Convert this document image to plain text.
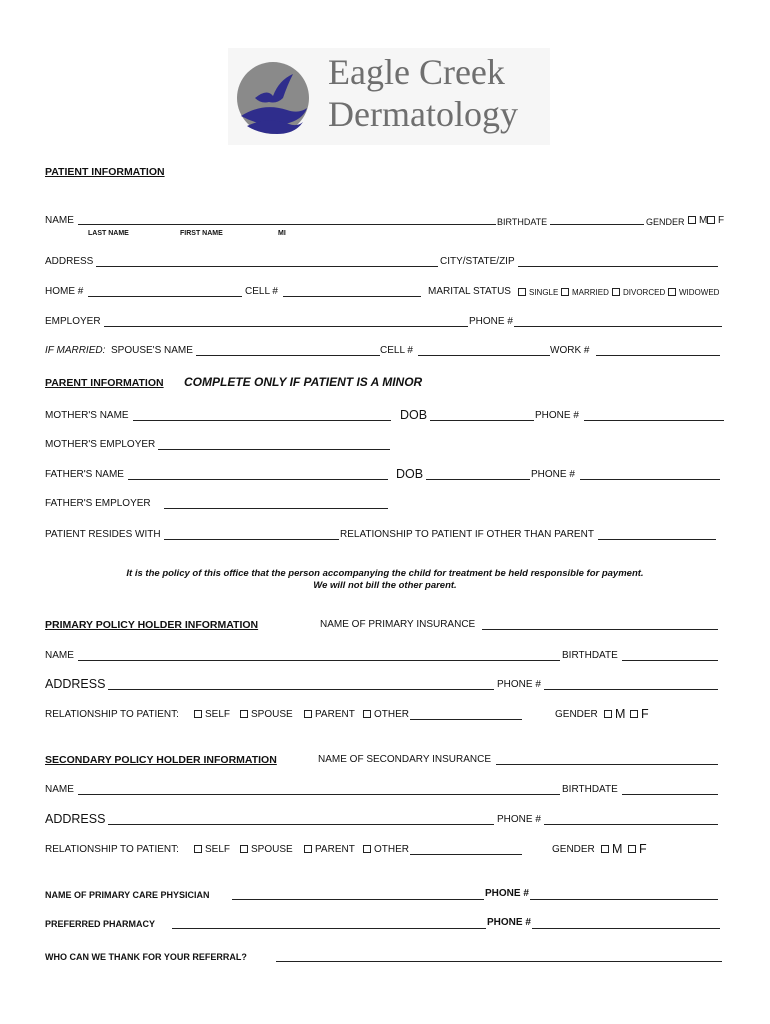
Eagle Creek
Dermatology
PATIENT INFORMATION
NAME
LAST NAME	FIRST NAME	MI
BIRTHDATE	GENDER	M	F
ADDRESS	CITY/STATE/ZIP
HOME #	CELL #	MARITAL STATUS	SINGLE	MARRIED	DIVORCED	WIDOWED
EMPLOYER	PHONE #
IF MARRIED: SPOUSE'S NAME	CELL #	WORK #
PARENT INFORMATION COMPLETE ONLY IF PATIENT IS A MINOR
MOTHER'S NAME	DOB	PHONE #
MOTHER'S EMPLOYER
FATHER'S NAME	DOB	PHONE #
FATHER'S EMPLOYER
PATIENT RESIDES WITH	RELATIONSHIP TO PATIENT IF OTHER THAN PARENT
It is the policy of this office that the person accompanying the child for treatment be held responsible for payment.
We will not bill the other parent.
PRIMARY POLICY HOLDER INFORMATION	NAME OF PRIMARY INSURANCE
NAME	BIRTHDATE
ADDRESS	PHONE #
RELATIONSHIP TO PATIENT:	SELF	SPOUSE	PARENT	OTHER	GENDER	M	F
SECONDARY POLICY HOLDER INFORMATION	NAME OF SECONDARY INSURANCE
NAME	BIRTHDATE
ADDRESS	PHONE #
RELATIONSHIP TO PATIENT:	SELF	SPOUSE	PARENT	OTHER	GENDER	M	F
NAME OF PRIMARY CARE PHYSICIAN	PHONE #
PREFERRED PHARMACY	PHONE #
WHO CAN WE THANK FOR YOUR REFERRAL?
